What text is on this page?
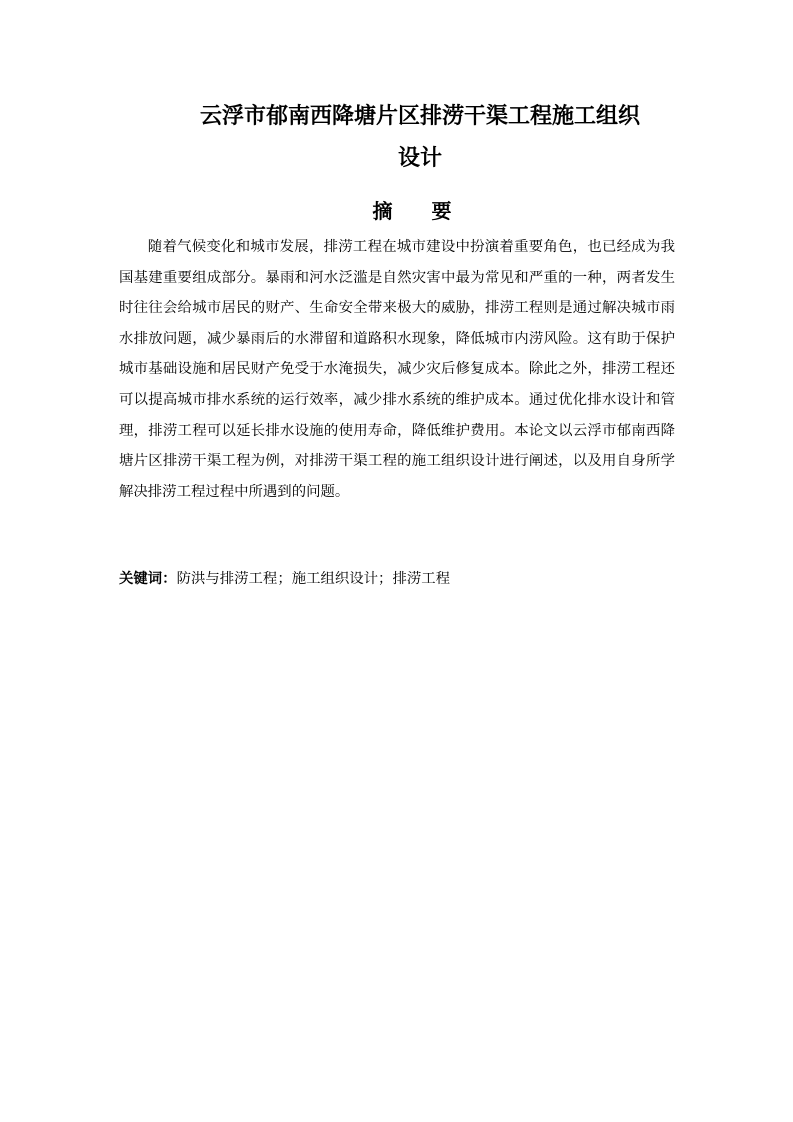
云浮市郁南西降塘片区排涝干渠工程施工组织
设计
摘 要

随着气候变化和城市发展，排涝工程在城市建设中扮演着重要角色，也已经成为我国基建重要组成部分。暴雨和河水泛滥是自然灾害中最为常见和严重的一种，两者发生时往往会给城市居民的财产、生命安全带来极大的威胁，排涝工程则是通过解决城市雨水排放问题，减少暴雨后的水滞留和道路积水现象，降低城市内涝风险。这有助于保护城市基础设施和居民财产免受于水淹损失，减少灾后修复成本。除此之外，排涝工程还可以提高城市排水系统的运行效率，减少排水系统的维护成本。通过优化排水设计和管理，排涝工程可以延长排水设施的使用寿命，降低维护费用。本论文以云浮市郁南西降塘片区排涝干渠工程为例，对排涝干渠工程的施工组织设计进行阐述，以及用自身所学解决排涝工程过程中所遇到的问题。

关键词：防洪与排涝工程；施工组织设计；排涝工程
